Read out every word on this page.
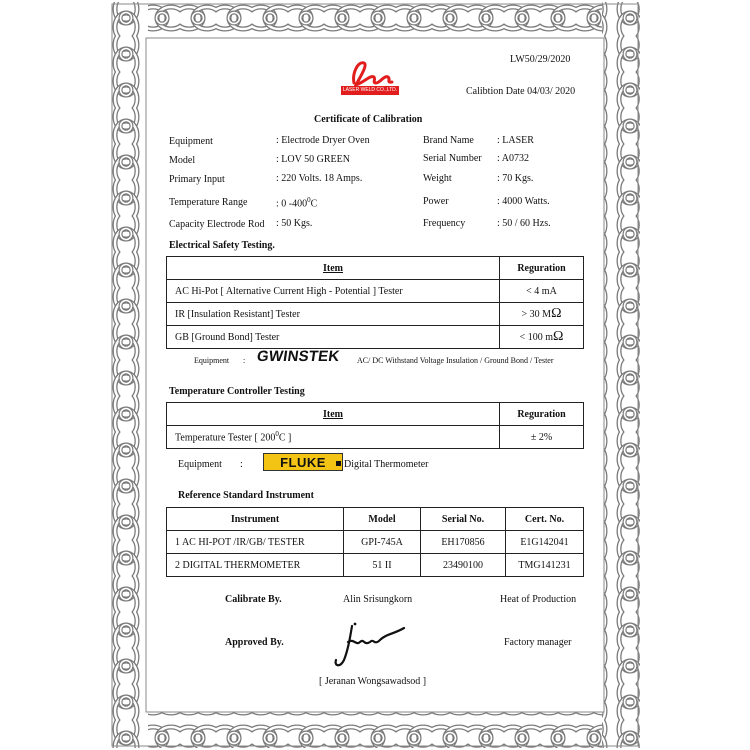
LW50/29/2020
Calibtion Date 04/03/ 2020
LASER WELD CO.,LTD.
Certificate of Calibration
Equipment	: Electrode Dryer Oven
Model	: LOV 50 GREEN
Primary Input	: 220 Volts. 18 Amps.
Temperature Range	: 0 $-400^0C$
Capacity Electrode Rod : 50 Kgs.
Brand Name : LASER
Serial Number : A0732
Weight	: 70 Kgs.
Power	: 4000 Watts.
Frequency	: 50 / 60 Hzs.
Electrical Safety Testing.
Item	Reguration
AC Hi-Pot [ Alternative Current High - Potential ] Tester	< 4 mA
IR [Insulation Resistant] Tester	> 30 MΩ
GB [Ground Bond] Tester	< 100 mΩ
Equipment : GWINSTEK AC/ DC Withstand Voltage Insulation / Ground Bond / Tester
Temperature Controller Testing
Item	Reguration
Temperature Tester [ $200^0C$ ]	± 2%
Equipment :	FLUKE	Digital Thermometer
Reference Standard Instrument
Instrument	Model	Serial No.	Cert. No.
1 AC HI-POT /IR/GB/ TESTER	GPI-745A	EH170856	E1G142041
2 DIGITAL THERMOMETER	51 II	23490100	TMG141231
Calibrate By.	Alin Srisungkorn	Heat of Production
Approved By.	Factory manager
[ Jeranan Wongsawadsod ]
